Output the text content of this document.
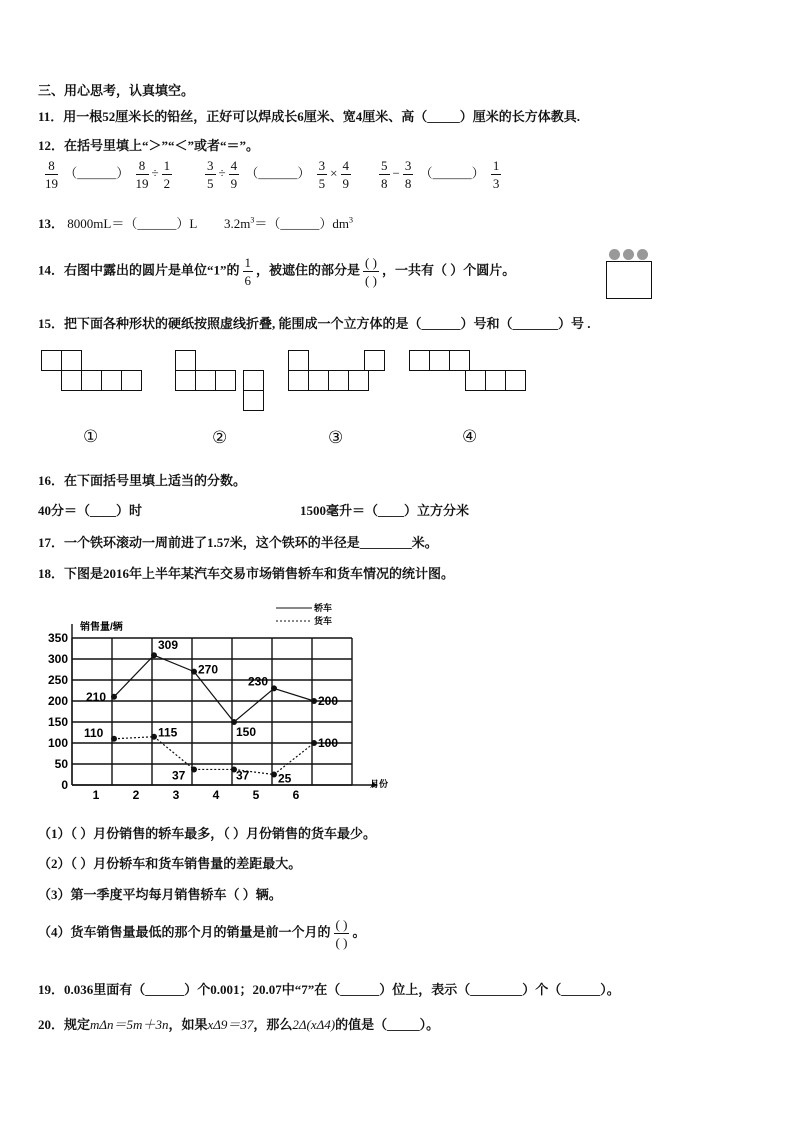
三、用心思考，认真填空。
11．用一根52厘米长的铅丝，正好可以焊成长6厘米、宽4厘米、高（_____）厘米的长方体教具.
12．在括号里填上“＞”“＜”或者“＝”。
$\frac{8}{19}$ （______） $\frac{8}{19} \div \frac{1}{2}$	$\frac{3}{5} \div \frac{4}{9}$ （______） $\frac{3}{5} \times \frac{4}{9} \frac{5}{8} - \frac{3}{8}$ （______） $\frac{1}{3}$
13． 8000mL＝（______）L $3.2m^3=(\_\_\_\_\_\_)dm^3$
14．右图中露出的圆片是单位“1”的 $\frac{1}{6}$ ，被遮住的部分是 $\frac{( )}{( )}$ ，一共有（ ）个圆片。
15．把下面各种形状的硬纸按照虚线折叠, 能围成一个立方体的是（______）号和（_______）号 .
①	②	③	④
16．在下面括号里填上适当的分数。
40分＝（____）时	1500毫升＝（____）立方分米
17．一个铁环滚动一周前进了1.57米，这个铁环的半径是________米。
18．下图是2016年上半年某汽车交易市场销售轿车和货车情况的统计图。
0
50
100
150
200
250
300
350
1	2	3	4	5	6
销售量/辆
月份
210
309
270
150
230
200
110	115
37	37 25
100
轿车
货车
（1）（ ）月份销售的轿车最多，（ ）月份销售的货车最少。
（2）（ ）月份轿车和货车销售量的差距最大。
（3）第一季度平均每月销售轿车（ ）辆。
（4）货车销售量最低的那个月的销量是前一个月的 $\frac{( )}{( )}$ 。
19．0.036里面有（______）个0.001；20.07中“7”在（______）位上，表示（________）个（______）。
20．规定mΔn＝5m＋3n，如果xΔ9＝37，那么2Δ(xΔ4)的值是（_____）。
